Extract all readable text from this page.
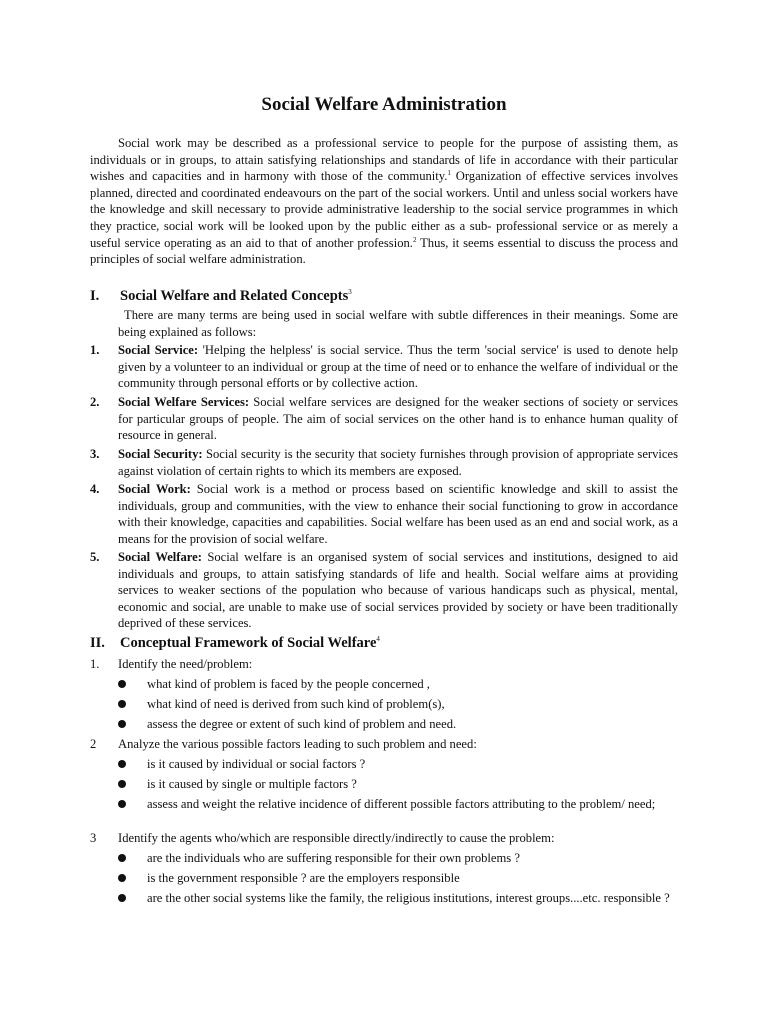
Social Welfare Administration

Social work may be described as a professional service to people for the purpose of assisting them, as individuals or in groups, to attain satisfying relationships and standards of life in accordance with their particular wishes and capacities and in harmony with those of the community.$^1$ Organization of effective services involves planned, directed and coordinated endeavours on the part of the social workers. Until and unless social workers have the knowledge and skill necessary to provide administrative leadership to the social service programmes in which they practice, social work will be looked upon by the public either as a sub- professional service or as merely a useful service operating as an aid to that of another profession.$^2$ Thus, it seems essential to discuss the process and principles of social welfare administration.

I. Social Welfare and Related Concepts$^3$

There are many terms are being used in social welfare with subtle differences in their meanings. Some are being explained as follows:

1. Social Service: 'Helping the helpless' is social service. Thus the term 'social service' is used to denote help given by a volunteer to an individual or group at the time of need or to enhance the welfare of individual or the community through personal efforts or by collective action.
2. Social Welfare Services: Social welfare services are designed for the weaker sections of society or services for particular groups of people. The aim of social services on the other hand is to enhance human quality of resource in general.
3. Social Security: Social security is the security that society furnishes through provision of appropriate services against violation of certain rights to which its members are exposed.
4. Social Work: Social work is a method or process based on scientific knowledge and skill to assist the individuals, group and communities, with the view to enhance their social functioning to grow in accordance with their knowledge, capacities and capabilities. Social welfare has been used as an end and social work, as a means for the provision of social welfare.
5. Social Welfare: Social welfare is an organised system of social services and institutions, designed to aid individuals and groups, to attain satisfying standards of life and health. Social welfare aims at providing services to weaker sections of the population who because of various handicaps such as physical, mental, economic and social, are unable to make use of social services provided by society or have been traditionally deprived of these services.
II. Conceptual Framework of Social Welfare$^4$
1. Identify the need/problem:
what kind of problem is faced by the people concerned ,
what kind of need is derived from such kind of problem(s),
assess the degree or extent of such kind of problem and need.
2 Analyze the various possible factors leading to such problem and need:
is it caused by individual or social factors ?
is it caused by single or multiple factors ?
assess and weight the relative incidence of different possible factors attributing to the problem/ need;
3 Identify the agents who/which are responsible directly/indirectly to cause the problem:
are the individuals who are suffering responsible for their own problems ?
is the government responsible ? are the employers responsible
are the other social systems like the family, the religious institutions, interest groups....etc. responsible ?
